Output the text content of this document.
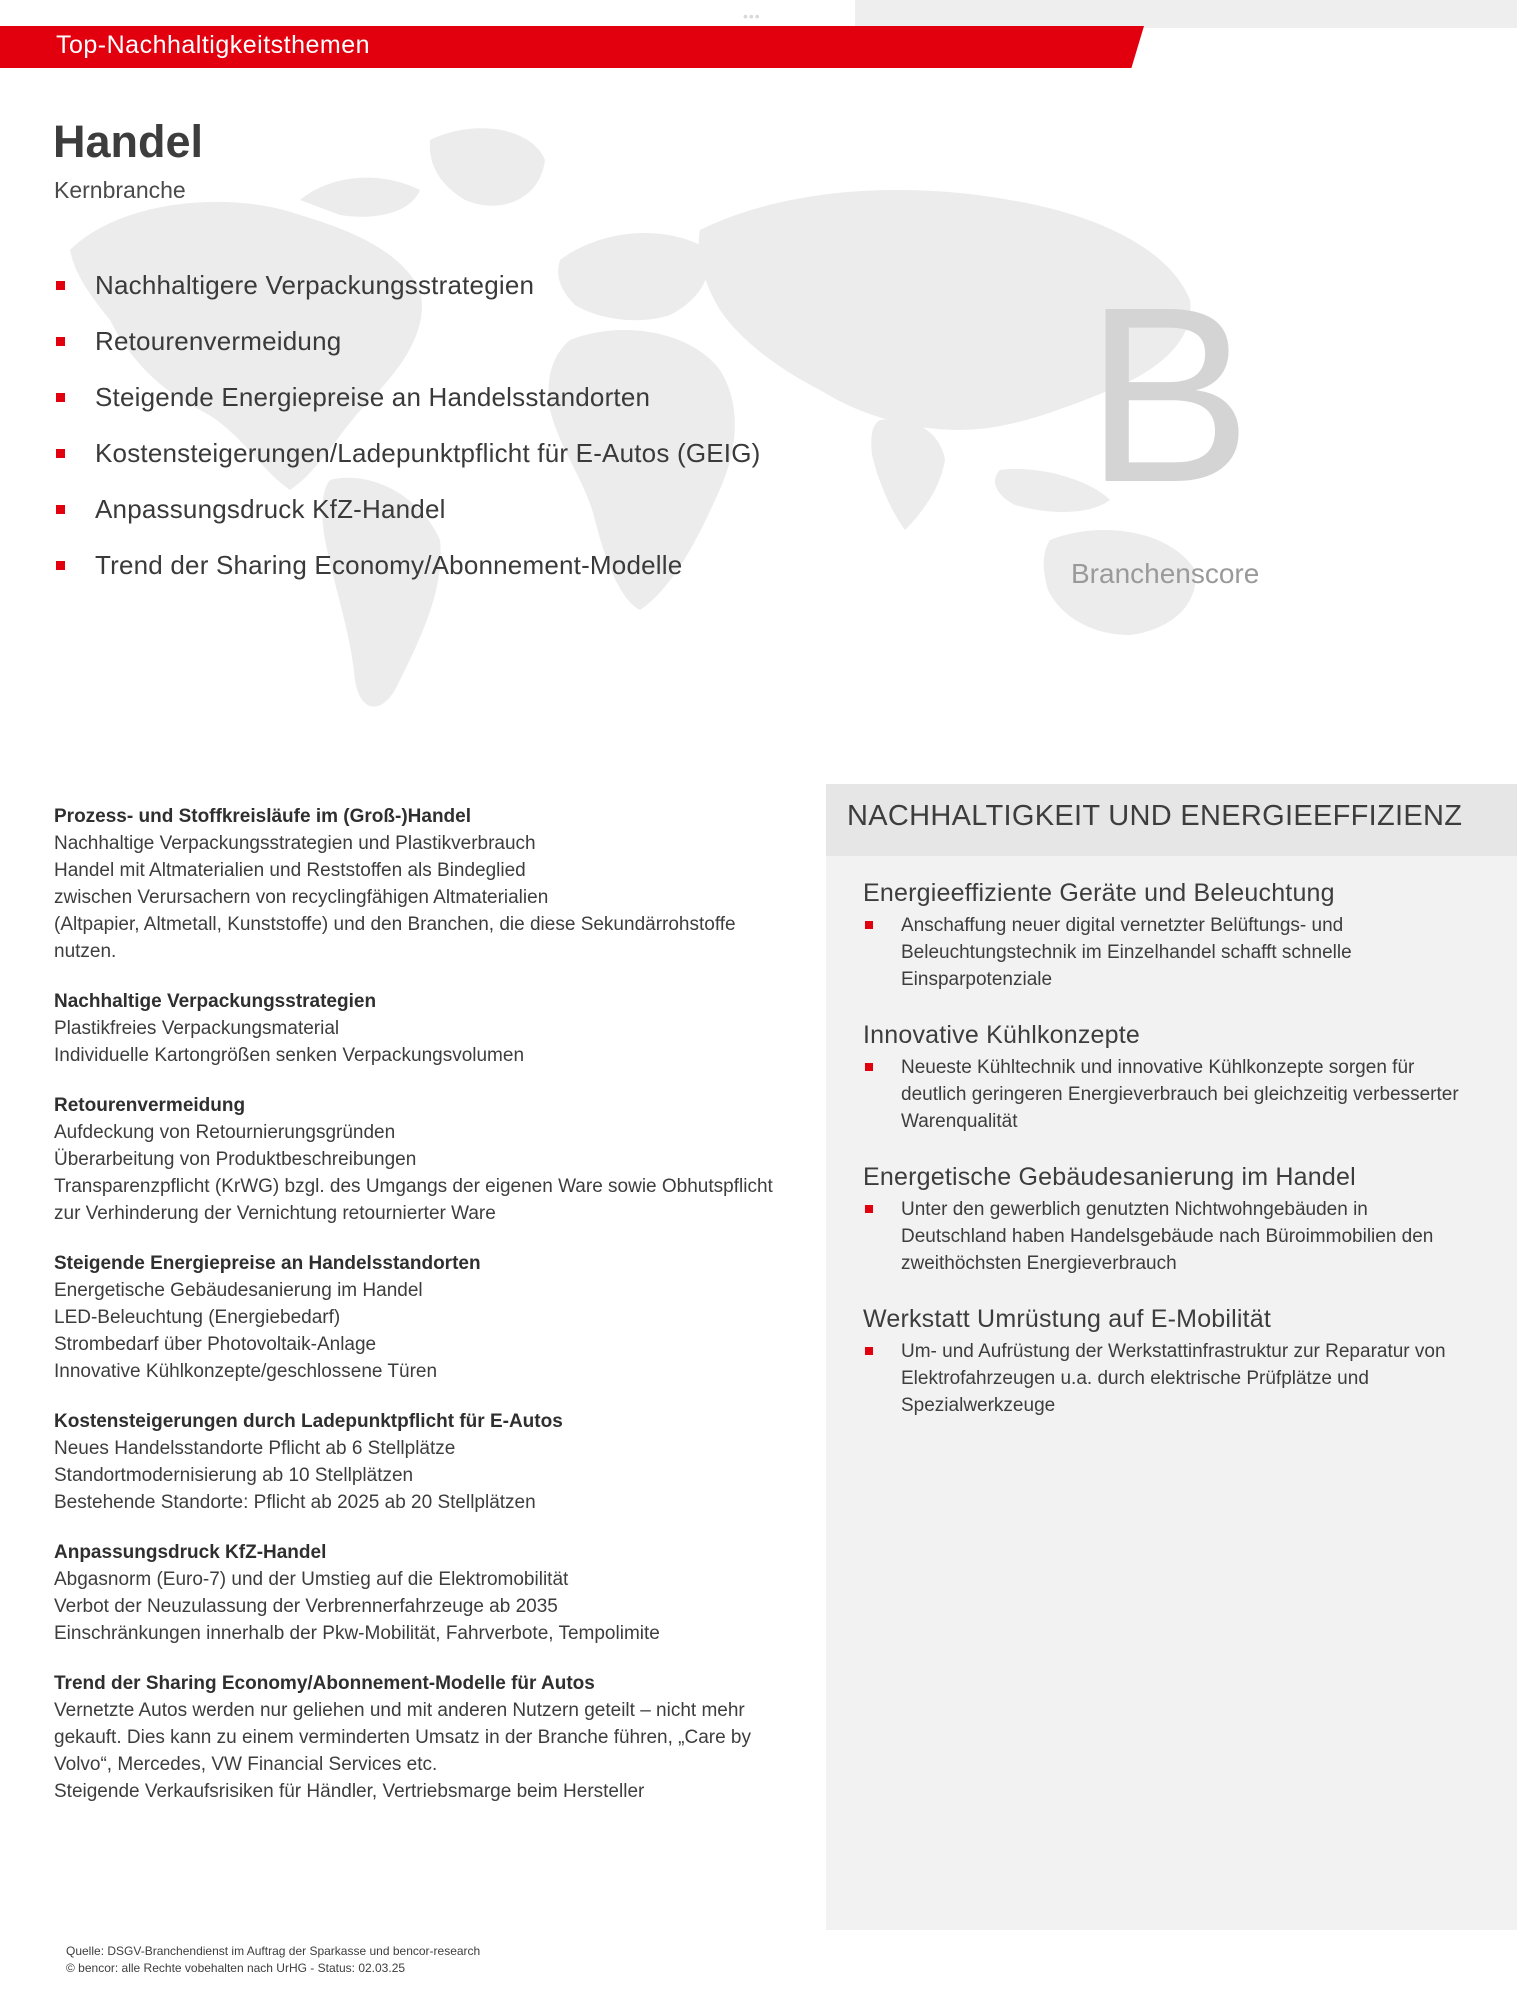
•••
Top-Nachhaltigkeitsthemen
Handel
Kernbranche
Nachhaltigere Verpackungsstrategien
Retourenvermeidung
Steigende Energiepreise an Handelsstandorten
Kostensteigerungen/Ladepunktpflicht für E-Autos (GEIG)
Anpassungsdruck KfZ-Handel
Trend der Sharing Economy/Abonnement-Modelle
B
Branchenscore
Prozess- und Stoffkreisläufe im (Groß-)Handel

Nachhaltige Verpackungsstrategien und Plastikverbrauch

Handel mit Altmaterialien und Reststoffen als Bindeglied

zwischen Verursachern von recyclingfähigen Altmaterialien

(Altpapier, Altmetall, Kunststoffe) und den Branchen, die diese Sekundärrohstoffe

nutzen.

Nachhaltige Verpackungsstrategien

Plastikfreies Verpackungsmaterial

Individuelle Kartongrößen senken Verpackungsvolumen

Retourenvermeidung

Aufdeckung von Retournierungsgründen

Überarbeitung von Produktbeschreibungen

Transparenzpflicht (KrWG) bzgl. des Umgangs der eigenen Ware sowie Obhutspflicht

zur Verhinderung der Vernichtung retournierter Ware

Steigende Energiepreise an Handelsstandorten

Energetische Gebäudesanierung im Handel

LED-Beleuchtung (Energiebedarf)

Strombedarf über Photovoltaik-Anlage

Innovative Kühlkonzepte/geschlossene Türen

Kostensteigerungen durch Ladepunktpflicht für E-Autos

Neues Handelsstandorte Pflicht ab 6 Stellplätze

Standortmodernisierung ab 10 Stellplätzen

Bestehende Standorte: Pflicht ab 2025 ab 20 Stellplätzen

Anpassungsdruck KfZ-Handel

Abgasnorm (Euro-7) und der Umstieg auf die Elektromobilität

Verbot der Neuzulassung der Verbrennerfahrzeuge ab 2035

Einschränkungen innerhalb der Pkw-Mobilität, Fahrverbote, Tempolimite

Trend der Sharing Economy/Abonnement-Modelle für Autos

Vernetzte Autos werden nur geliehen und mit anderen Nutzern geteilt – nicht mehr

gekauft. Dies kann zu einem verminderten Umsatz in der Branche führen, „Care by

Volvo“, Mercedes, VW Financial Services etc.

Steigende Verkaufsrisiken für Händler, Vertriebsmarge beim Hersteller

NACHHALTIGKEIT UND ENERGIEEFFIZIENZ
Energieeffiziente Geräte und Beleuchtung
Anschaffung neuer digital vernetzter Belüftungs- und
Beleuchtungstechnik im Einzelhandel schafft schnelle
Einsparpotenziale
Innovative Kühlkonzepte
Neueste Kühltechnik und innovative Kühlkonzepte sorgen für
deutlich geringeren Energieverbrauch bei gleichzeitig verbesserter
Warenqualität
Energetische Gebäudesanierung im Handel
Unter den gewerblich genutzten Nichtwohngebäuden in
Deutschland haben Handelsgebäude nach Büroimmobilien den
zweithöchsten Energieverbrauch
Werkstatt Umrüstung auf E-Mobilität
Um- und Aufrüstung der Werkstattinfrastruktur zur Reparatur von
Elektrofahrzeugen u.a. durch elektrische Prüfplätze und
Spezialwerkzeuge
Quelle: DSGV-Branchendienst im Auftrag der Sparkasse und bencor-research
© bencor: alle Rechte vobehalten nach UrHG - Status: 02.03.25
